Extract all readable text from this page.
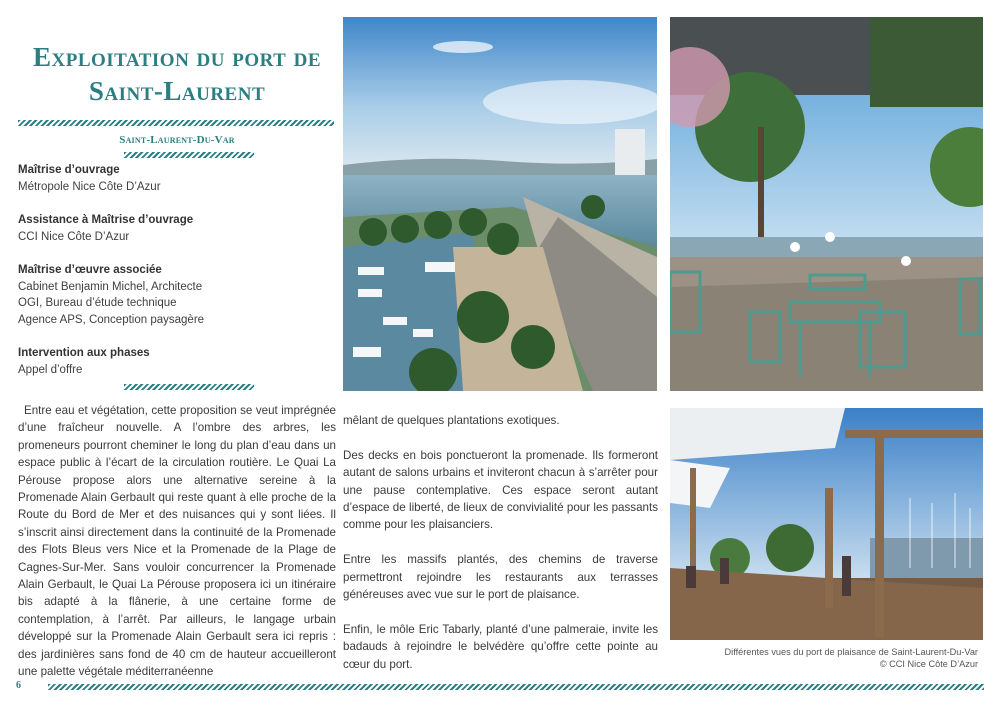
Exploitation du port de
Saint-Laurent
Saint-Laurent-Du-Var
Maîtrise d’ouvrage
Métropole Nice Côte D’Azur
Assistance à Maîtrise d’ouvrage
CCI Nice Côte D’Azur
Maîtrise d’œuvre associée
Cabinet Benjamin Michel, Architecte
OGI, Bureau d’étude technique
Agence APS, Conception paysagère
Intervention aux phases
Appel d’offre

Entre eau et végétation, cette proposition se veut imprégnée d’une fraîcheur nouvelle. A l’ombre des arbres, les promeneurs pourront cheminer le long du plan d’eau dans un espace public à l’écart de la circulation routière. Le Quai La Pérouse propose alors une alternative sereine à la Promenade Alain Gerbault qui reste quant à elle proche de la Route du Bord de Mer et des nuisances qui y sont liées. Il s’inscrit ainsi directement dans la continuité de la Promenade des Flots Bleus vers Nice et la Promenade de la Plage de Cagnes-Sur-Mer. Sans vouloir concurrencer la Promenade Alain Gerbault, le Quai La Pérouse proposera ici un itinéraire bis adapté à la flânerie, à une certaine forme de contemplation, à l’arrêt. Par ailleurs, le langage urbain développé sur la Promenade Alain Gerbault sera ici repris : des jardinières sans fond de 40 cm de hauteur accueilleront une palette végétale méditerranéenne

mêlant de quelques plantations exotiques.

Des decks en bois ponctueront la promenade. Ils formeront autant de salons urbains et inviteront chacun à s’arrêter pour une pause contemplative. Ces espace seront autant d’espace de liberté, de lieux de convivialité pour les passants comme pour les plaisanciers.

Entre les massifs plantés, des chemins de traverse permettront rejoindre les restaurants aux terrasses généreuses avec vue sur le port de plaisance.

Enfin, le môle Eric Tabarly, planté d’une palmeraie, invite les badauds à rejoindre le belvédère qu’offre cette pointe au cœur du port.

Différentes vues du port de plaisance de Saint-Laurent-Du-Var
© CCI Nice Côte D’Azur
6
